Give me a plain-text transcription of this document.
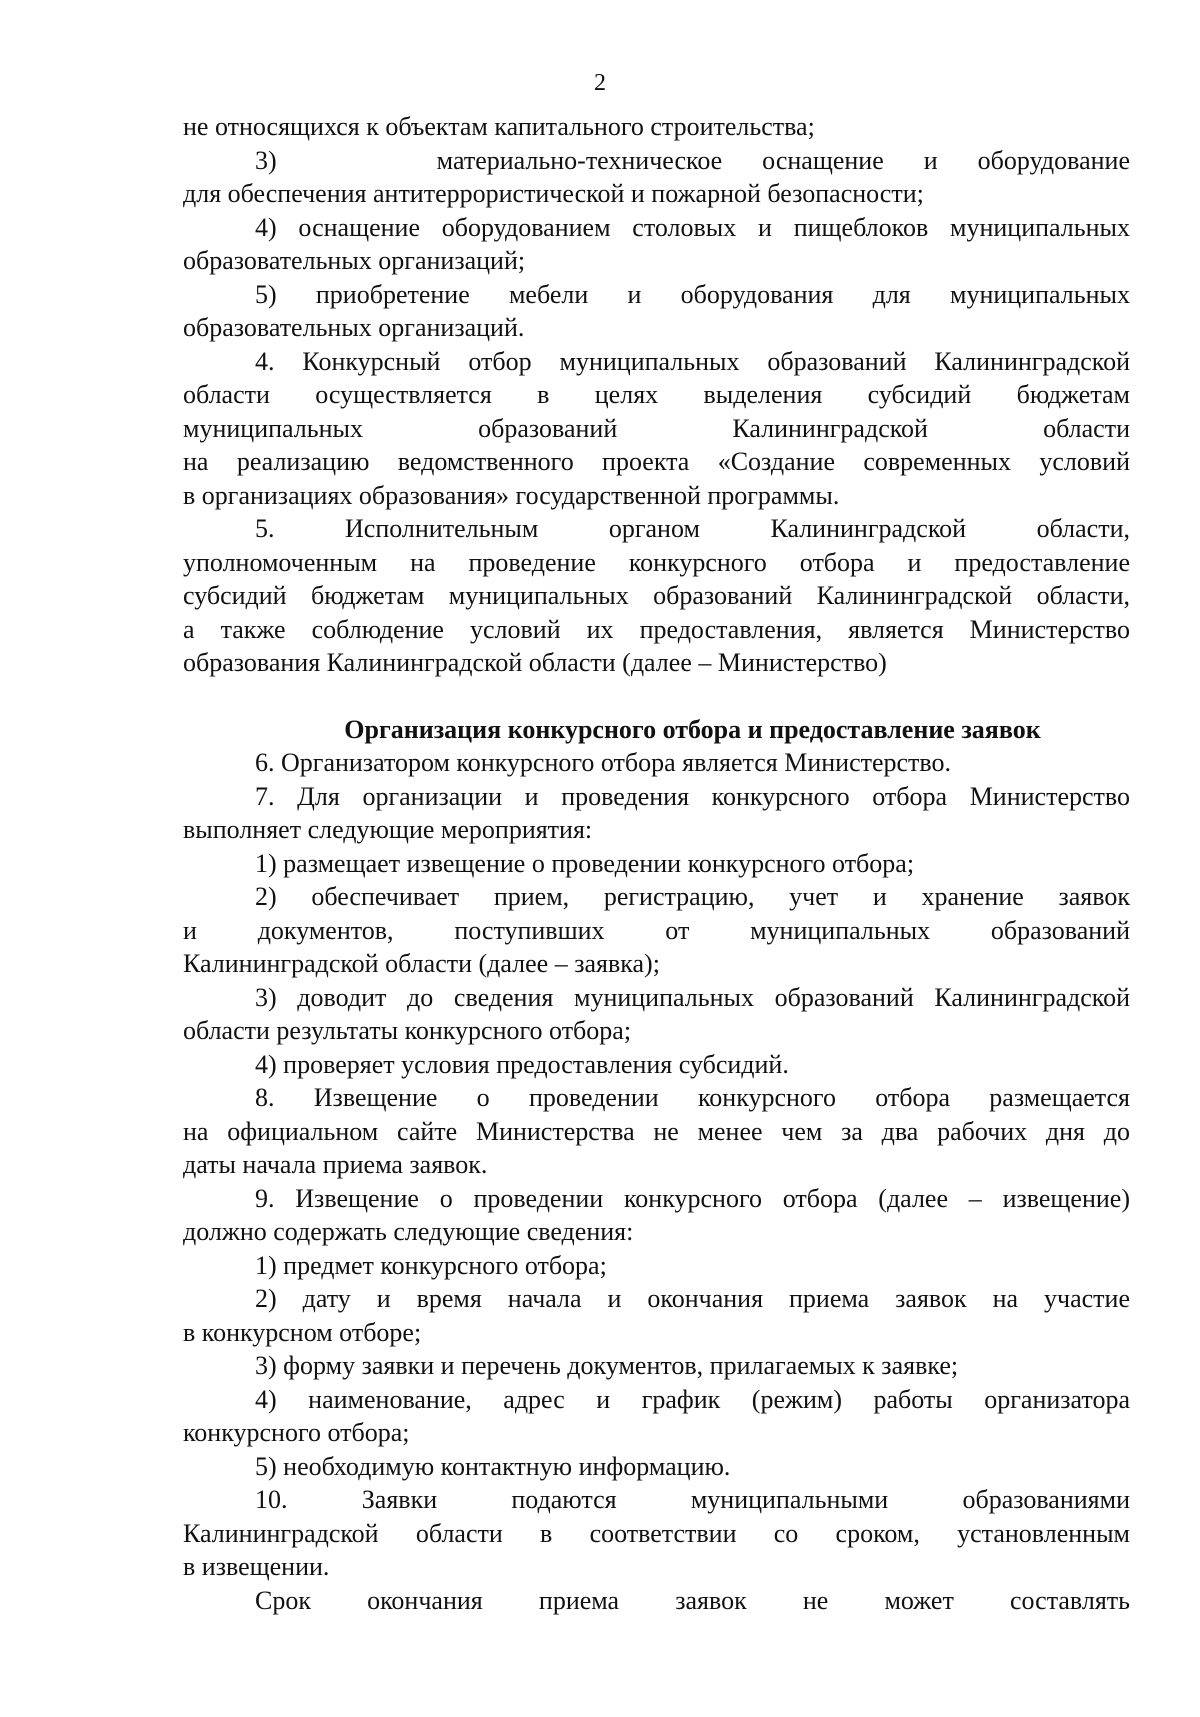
2

не относящихся к объектам капитального строительства;

3)    материально-техническое оснащение и оборудование

для обеспечения антитеррористической и пожарной безопасности;

4) оснащение оборудованием столовых и пищеблоков муниципальных

образовательных организаций;

5) приобретение мебели и оборудования для муниципальных

образовательных организаций.

4. Конкурсный отбор муниципальных образований Калининградской

области осуществляется в целях выделения субсидий бюджетам

муниципальных образований Калининградской области

на реализацию ведомственного проекта «Создание современных условий

в организациях образования» государственной программы.

5. Исполнительным органом Калининградской области,

уполномоченным на проведение конкурсного отбора и предоставление

субсидий бюджетам муниципальных образований Калининградской области,

а также соблюдение условий их предоставления, является Министерство

образования Калининградской области (далее – Министерство)

Организация конкурсного отбора и предоставление заявок

6. Организатором конкурсного отбора является Министерство.

7. Для организации и проведения конкурсного отбора Министерство

выполняет следующие мероприятия:

1) размещает извещение о проведении конкурсного отбора;

2) обеспечивает прием, регистрацию, учет и хранение заявок

и документов, поступивших от муниципальных образований

Калининградской области (далее – заявка);

3) доводит до сведения муниципальных образований Калининградской

области результаты конкурсного отбора;

4) проверяет условия предоставления субсидий.

8. Извещение о проведении конкурсного отбора размещается

на официальном сайте Министерства не менее чем за два рабочих дня до

даты начала приема заявок.

9. Извещение о проведении конкурсного отбора (далее – извещение)

должно содержать следующие сведения:

1) предмет конкурсного отбора;

2) дату и время начала и окончания приема заявок на участие

в конкурсном отборе;

3) форму заявки и перечень документов, прилагаемых к заявке;

4) наименование, адрес и график (режим) работы организатора

конкурсного отбора;

5) необходимую контактную информацию.

10. Заявки подаются муниципальными образованиями

Калининградской области в соответствии со сроком, установленным

в извещении.

Срок окончания приема заявок не может составлять
